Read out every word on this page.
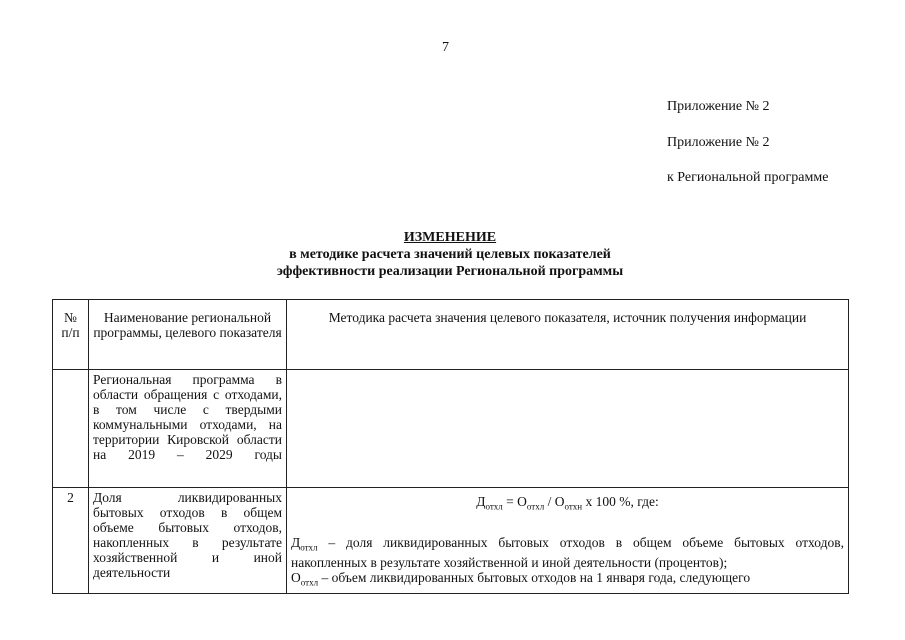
7
Приложение № 2
Приложение № 2
к Региональной программе
ИЗМЕНЕНИЕ
в методике расчета значений целевых показателей
эффективности реализации Региональной программы
№ п/п	Наименование региональной программы, целевого показателя	Методика расчета значения целевого показателя, источник получения информации
	Региональная программа в области обращения с отходами, в том числе с твердыми коммунальными отходами, на территории Кировской области на 2019 – 2029 годы	
2	Доля ликвидированных бытовых отходов в общем объеме бытовых отходов, накопленных в результате хозяйственной и иной деятельности	$Д_{отхл} = О_{отхл} / О_{отхн}$ x 100 %, где:
$Д_{отхл}$ – доля ликвидированных бытовых отходов в общем объеме бытовых отходов, накопленных в результате хозяйственной и иной деятельности (процентов);
$О_{отхл}$ – объем ликвидированных бытовых отходов на 1 января года, следующего
